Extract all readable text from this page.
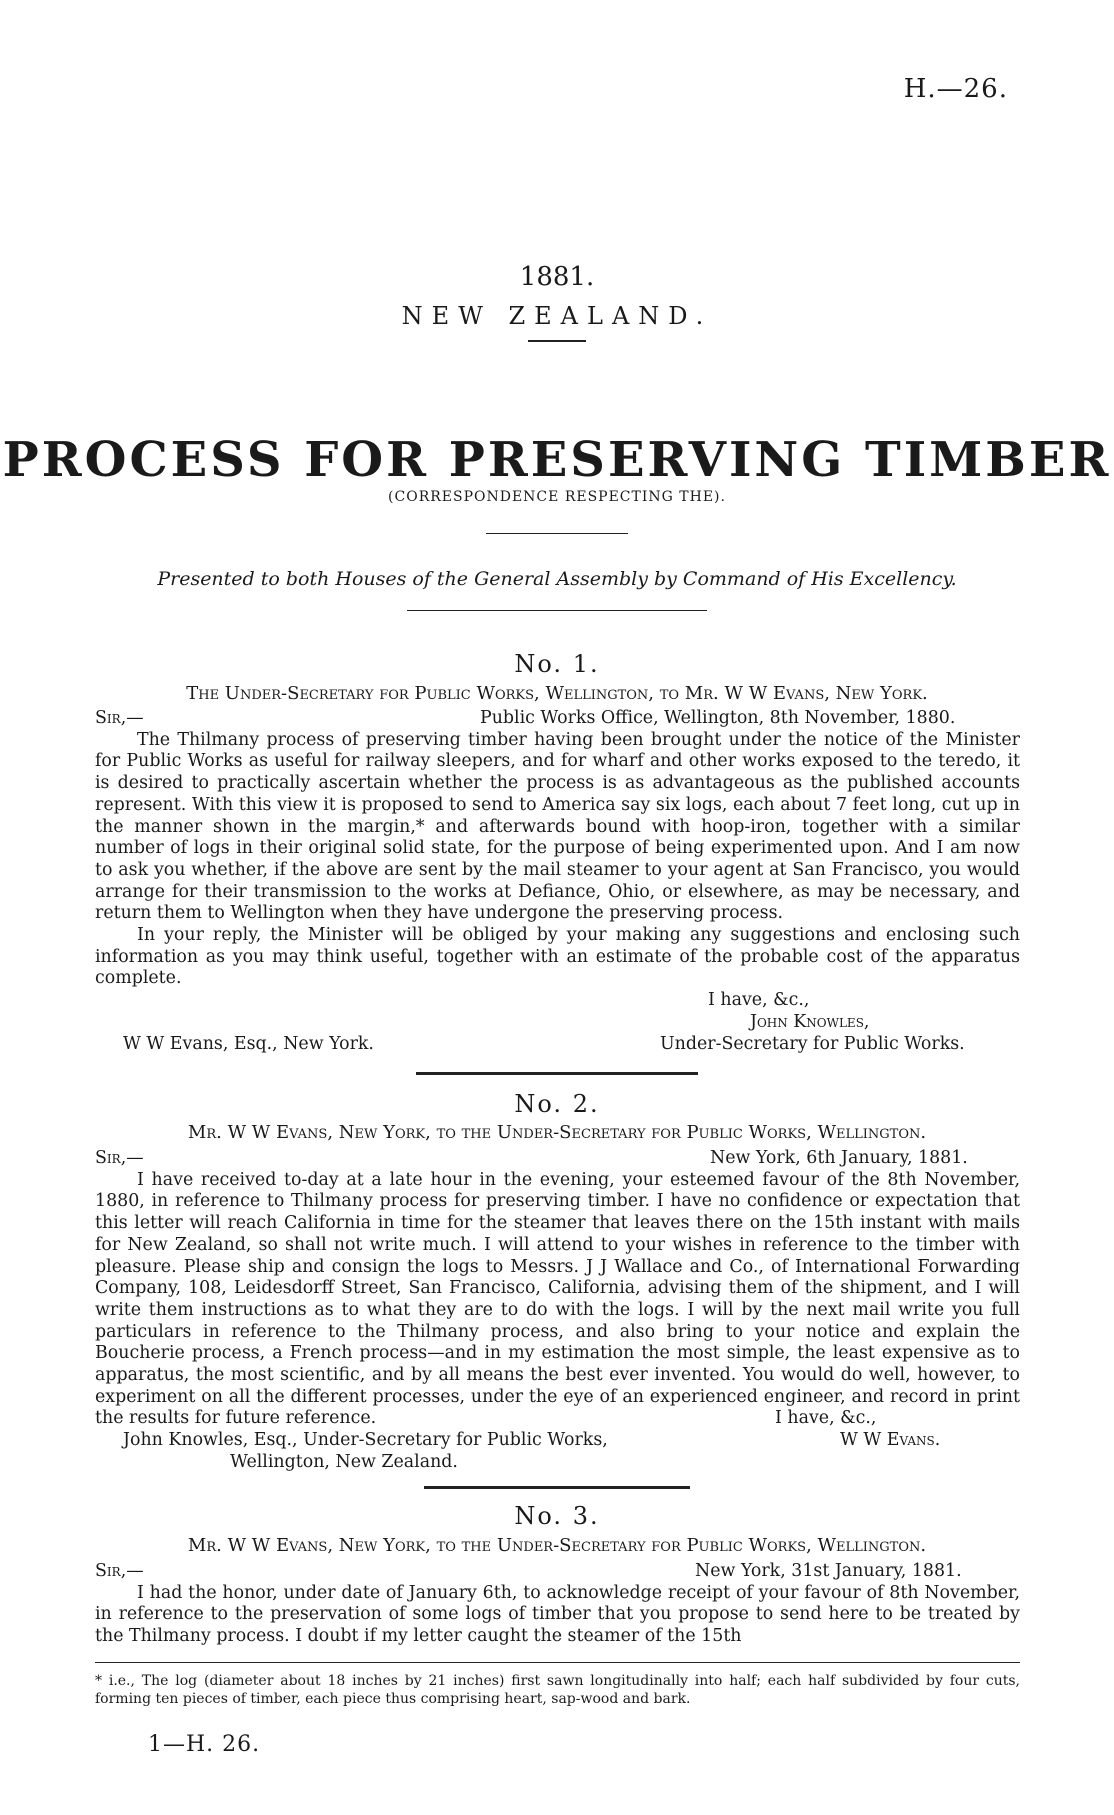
H.—26.
1881.
NEW ZEALAND.
PROCESS FOR PRESERVING TIMBER
(CORRESPONDENCE RESPECTING THE).
Presented to both Houses of the General Assembly by Command of His Excellency.
No. 1.
The Under-Secretary for Public Works, Wellington, to Mr. W W Evans, New York.
Sir,—	Public Works Office, Wellington, 8th November, 1880.

The Thilmany process of preserving timber having been brought under the notice of the Minister for Public Works as useful for railway sleepers, and for wharf and other works exposed to the teredo, it is desired to practically ascertain whether the process is as advantageous as the published accounts represent. With this view it is proposed to send to America say six logs, each about 7 feet long, cut up in the manner shown in the margin,* and afterwards bound with hoop-iron, together with a similar number of logs in their original solid state, for the purpose of being experimented upon. And I am now to ask you whether, if the above are sent by the mail steamer to your agent at San Francisco, you would arrange for their transmission to the works at Defiance, Ohio, or elsewhere, as may be necessary, and return them to Wellington when they have undergone the preserving process.

In your reply, the Minister will be obliged by your making any suggestions and enclosing such information as you may think useful, together with an estimate of the probable cost of the apparatus complete.

I have, &c.,
John Knowles,
W W Evans, Esq., New York.	Under-Secretary for Public Works.
No. 2.
Mr. W W Evans, New York, to the Under-Secretary for Public Works, Wellington.
Sir,—	New York, 6th January, 1881.

I have received to-day at a late hour in the evening, your esteemed favour of the 8th November, 1880, in reference to Thilmany process for preserving timber. I have no confidence or expectation that this letter will reach California in time for the steamer that leaves there on the 15th instant with mails for New Zealand, so shall not write much. I will attend to your wishes in reference to the timber with pleasure. Please ship and consign the logs to Messrs. J J Wallace and Co., of International Forwarding Company, 108, Leidesdorff Street, San Francisco, California, advising them of the shipment, and I will write them instructions as to what they are to do with the logs. I will by the next mail write you full particulars in reference to the Thilmany process, and also bring to your notice and explain the Boucherie process, a French process—and in my estimation the most simple, the least expensive as to apparatus, the most scientific, and by all means the best ever invented. You would do well, however, to experiment on all the different processes, under the eye of an experienced engineer, and record in print the results for future reference.	I have, &c.,
John Knowles, Esq., Under-Secretary for Public Works,	W W Evans.
Wellington, New Zealand.
No. 3.
Mr. W W Evans, New York, to the Under-Secretary for Public Works, Wellington.
Sir,—	New York, 31st January, 1881.

I had the honor, under date of January 6th, to acknowledge receipt of your favour of 8th November, in reference to the preservation of some logs of timber that you propose to send here to be treated by the Thilmany process. I doubt if my letter caught the steamer of the 15th

* i.e., The log (diameter about 18 inches by 21 inches) first sawn longitudinally into half; each half subdivided by four cuts, forming ten pieces of timber, each piece thus comprising heart, sap-wood and bark.
1—H. 26.
